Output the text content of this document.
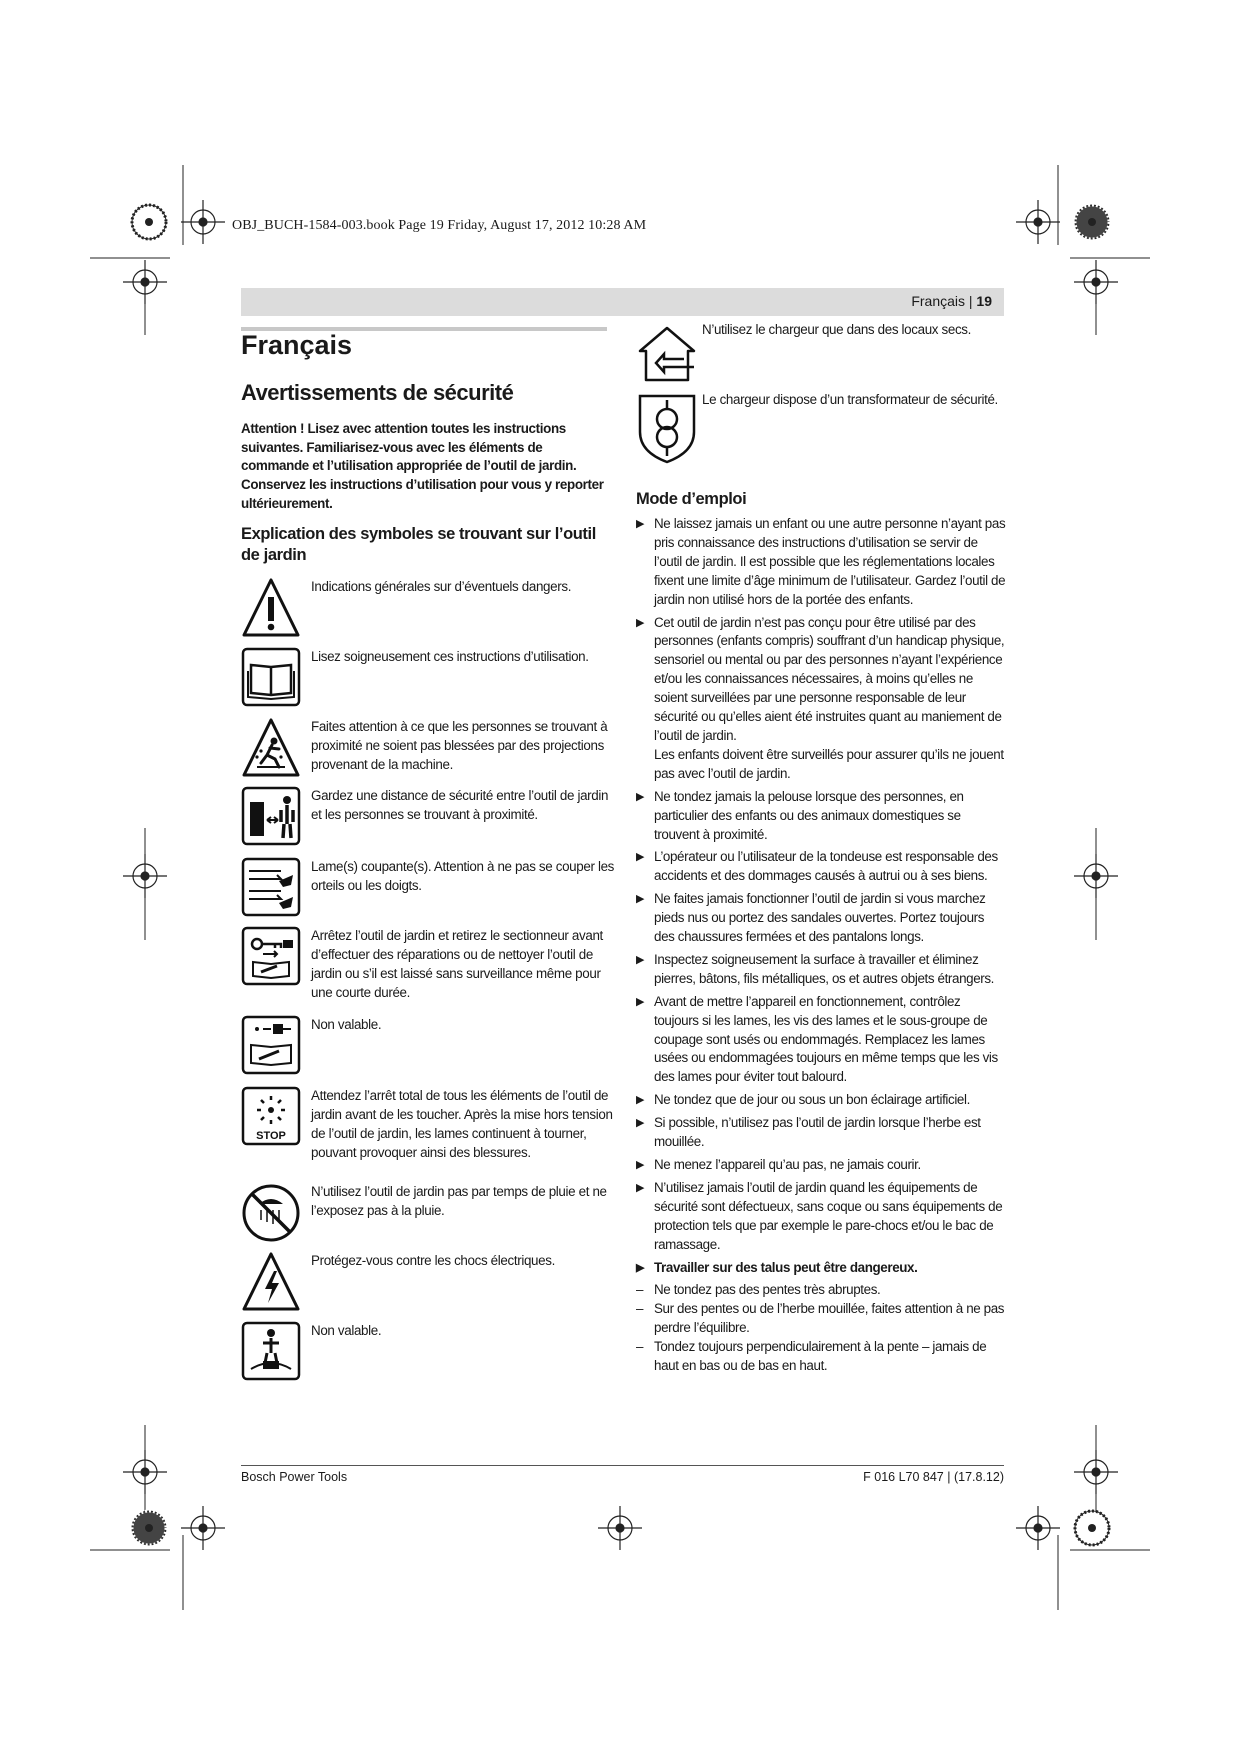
OBJ_BUCH-1584-003.book Page 19 Friday, August 17, 2012 10:28 AM
Français | 19
Français
Avertissements de sécurité
Attention ! Lisez avec attention toutes les instructions suivantes. Familiarisez-vous avec les éléments de commande et l’utilisation appropriée de l’outil de jardin. Conservez les instructions d’utilisation pour vous y reporter ultérieurement.
Explication des symboles se trouvant sur l’outil de jardin
Indications générales sur d’éventuels dangers.
Lisez soigneusement ces instructions d’utilisation.
Faites attention à ce que les personnes se trouvant à proximité ne soient pas blessées par des projections provenant de la machine.
Gardez une distance de sécurité entre l’outil de jardin et les personnes se trouvant à proximité.
Lame(s) coupante(s). Attention à ne pas se couper les orteils ou les doigts.
Arrêtez l’outil de jardin et retirez le sectionneur avant d’effectuer des réparations ou de nettoyer l’outil de jardin ou s’il est laissé sans surveillance même pour une courte durée.
Non valable.
STOP
Attendez l’arrêt total de tous les éléments de l’outil de jardin avant de les toucher. Après la mise hors tension de l’outil de jardin, les lames continuent à tourner, pouvant provoquer ainsi des blessures.
N’utilisez l’outil de jardin pas par temps de pluie et ne l’exposez pas à la pluie.
Protégez-vous contre les chocs électriques.
Non valable.
N’utilisez le chargeur que dans des locaux secs.
Le chargeur dispose d’un transformateur de sécurité.
Mode d’emploi
▶ Ne laissez jamais un enfant ou une autre personne n’ayant pas pris connaissance des instructions d’utilisation se servir de l’outil de jardin. Il est possible que les réglementations locales fixent une limite d’âge minimum de l’utilisateur. Gardez l’outil de jardin non utilisé hors de la portée des enfants.
▶ Cet outil de jardin n’est pas conçu pour être utilisé par des personnes (enfants compris) souffrant d’un handicap physique, sensoriel ou mental ou par des personnes n’ayant l’expérience et/ou les connaissances nécessaires, à moins qu’elles ne soient surveillées par une personne responsable de leur sécurité ou qu’elles aient été instruites quant au maniement de l’outil de jardin.
Les enfants doivent être surveillés pour assurer qu’ils ne jouent pas avec l’outil de jardin.
▶ Ne tondez jamais la pelouse lorsque des personnes, en particulier des enfants ou des animaux domestiques se trouvent à proximité.
▶ L’opérateur ou l’utilisateur de la tondeuse est responsable des accidents et des dommages causés à autrui ou à ses biens.
▶ Ne faites jamais fonctionner l’outil de jardin si vous marchez pieds nus ou portez des sandales ouvertes. Portez toujours des chaussures fermées et des pantalons longs.
▶ Inspectez soigneusement la surface à travailler et éliminez pierres, bâtons, fils métalliques, os et autres objets étrangers.
▶ Avant de mettre l’appareil en fonctionnement, contrôlez toujours si les lames, les vis des lames et le sous-groupe de coupage sont usés ou endommagés. Remplacez les lames usées ou endommagées toujours en même temps que les vis des lames pour éviter tout balourd.
▶ Ne tondez que de jour ou sous un bon éclairage artificiel.
▶ Si possible, n’utilisez pas l’outil de jardin lorsque l’herbe est mouillée.
▶ Ne menez l’appareil qu’au pas, ne jamais courir.
▶ N’utilisez jamais l’outil de jardin quand les équipements de sécurité sont défectueux, sans coque ou sans équipements de protection tels que par exemple le pare-chocs et/ou le bac de ramassage.
▶ Travailler sur des talus peut être dangereux.
– Ne tondez pas des pentes très abruptes.
– Sur des pentes ou de l’herbe mouillée, faites attention à ne pas perdre l’équilibre.
– Tondez toujours perpendiculairement à la pente – jamais de haut en bas ou de bas en haut.
Bosch Power Tools	F 016 L70 847 | (17.8.12)
